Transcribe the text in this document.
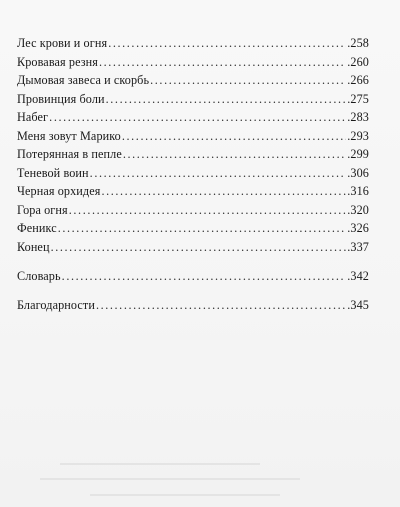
Лес крови и огня .....	.258
Кровавая резня .....	.260
Дымовая завеса и скорбь .....	.266
Провинция боли .....	.275
Набег .....	.283
Меня зовут Марико .....	.293
Потерянная в пепле .....	.299
Теневой воин .....	.306
Черная орхидея .....	.316
Гора огня .....	.320
Феникс .....	.326
Конец .....	.337
Словарь .....	.342
Благодарности .....	.345
